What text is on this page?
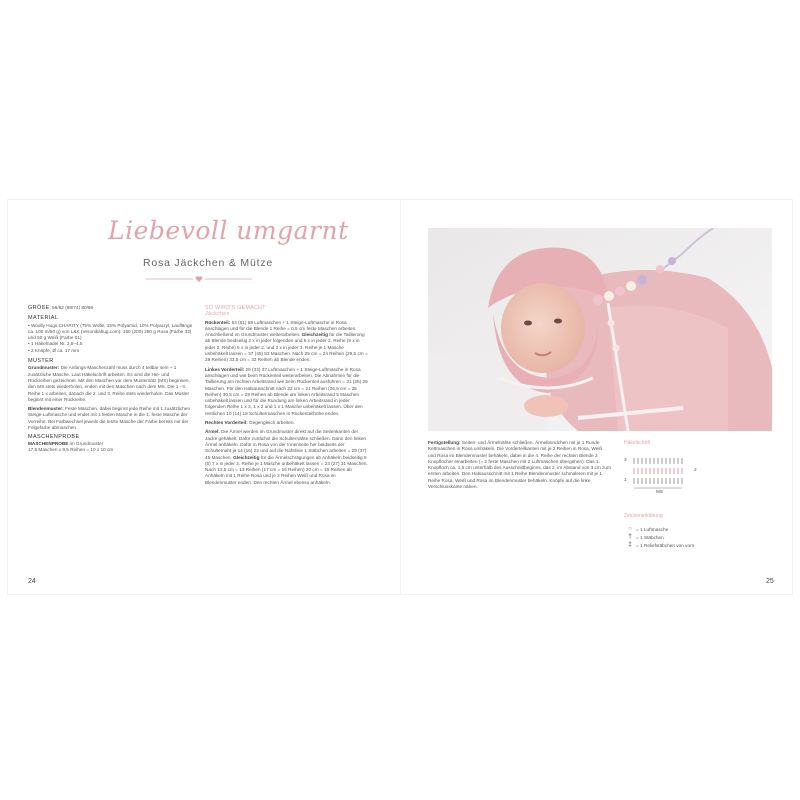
Liebevoll umgarnt
Rosa Jäckchen & Mütze

GRÖßE: 56/62 (68/74) 80/86

MATERIAL
• Woolly Hugs CHARITY (75% Wolle, 15% Polyamid, 10% Polyacryl, Lauflänge ca. 100 m/50 g) von L&K (Veronikahug.com): 150 (200) 250 g Rosa (Farbe 33) und 50 g Weiß (Farbe 01)
• 1 Häkelnadel Nr. 3,5–4,5
• 2 Knöpfe, Ø ca. 17 mm
MUSTER

Grundmuster: Die Anfangs-Maschenzahl muss durch 4 teilbar sein + 1 zusätzliche Masche. Laut Häkelschrift arbeiten. Es sind die Hin- und Rückreihen gezeichnet. Mit den Maschen vor dem Mustersatz (MS) beginnen, den MS stets wiederholen, enden mit den Maschen nach dem MS. Die 1.–3. Reihe 1 x arbeiten, danach die 2. und 3. Reihe stets wiederholen. Das Muster beginnt mit einer Rückreihe.

Blendenmuster: Feste Maschen, dabei beginnt jede Reihe mit 1 zusätzlichen Steige-Luftmasche und endet mit 1 festen Masche in die 1. feste Masche der Vorreihe. Bei Farbwechsel jeweils die letzte Masche der Farbe bereits mit der Folgefarbe abmaschen.

MASCHENPROBE
MASCHENPROBE im Grundmuster
17,5 Maschen x 9,5 Reihen = 10 x 10 cm
SO WIRD'S GEMACHT
Jäckchen

Rückenteil: 53 (61) 69 Luftmaschen + 1 Steige-Luftmasche in Rosa anschlagen und für die Blende 1 Reihe = 0,5 cm feste Maschen arbeiten. Anschließend im Grundmuster weiterarbeiten. Gleichzeitig für die Taillierung ab Blende beidseitig 2 x in jeder folgenden und 6 x in jeder 2. Reihe (9 x in jeder 2. Reihe) 6 x in jeder 2. und 2 x in jeder 3. Reihe je 1 Masche unbehäkelt lassen = 37 (45) 53 Maschen. Nach 25 cm = 24 Reihen (29,5 cm = 28 Reihen) 33,5 cm = 32 Reihen ab Blende enden.

Linkes Vorderteil: 29 (33) 37 Luftmaschen + 1 Steige-Luftmasche in Rosa anschlagen und wie beim Rückenteil weiterarbeiten. Die Abnahmen für die Taillierung am rechten Arbeitsrand wie beim Rückenteil ausführen = 21 (25) 29 Maschen. Für den Halsausschnitt nach 22 cm = 21 Reihen (26,5 cm = 25 Reihen) 30,5 cm = 29 Reihen ab Blende am linken Arbeitsrand 5 Maschen unbehäkelt lassen und für die Rundung am linken Arbeitsrand in jeder folgenden Reihe 1 x 3, 1 x 2 und 1 x 1 Masche unbehäkelt lassen. Über den restlichen 10 (14) 18 Schultermaschen in Rückenteilhöhe enden.

Rechtes Vorderteil: Gegengleich arbeiten.

Ärmel: Die Ärmel werden im Grundmuster direkt auf die Seitenkanten der Jacke gehäkelt. Dafür zunächst die Schulternähte schließen. Dann den linken Ärmel anhäkeln. Dafür in Rosa von der Innenseite her beidseits der Schulternaht je 14 (16) 22 und auf die Nahtlinie 1 Stäbchen arbeiten = 29 (37) 45 Maschen. Gleichzeitig für die Ärmelschrägungen ab Anhäkeln beidseitig 5 (5) 7 x in jeder 2. Reihe je 1 Masche unbehäkelt lassen = 23 (27) 31 Maschen. Nach 13,5 cm = 13 Reihen (17 cm = 16 Reihen) 20 cm = 19 Reihen ab Anhäkeln mit 1 Reihe Rosa und je 2 Reihen Weiß und Rosa im Blendenmuster enden. Den rechten Ärmel ebenso anhäkeln.

24

Fertigstellung: Seiten- und Ärmelnähte schließen. Ärmelbündchen mit je 1 Runde Kettmaschen in Rosa umhäkeln. Die Vorderteilkanten mit je 2 Reihen in Rosa, Weiß und Rosa im Blendenmuster behäkeln, dabei in die 4. Reihe der rechten Blende 2 Knopflöcher einarbeiten (= 2 feste Maschen mit 2 Luftmaschen übergehen). Das 1. Knopfloch ca. 1,5 cm unterhalb des Ausschnittbeginns, das 2. im Abstand von 3 cm zum ersten arbeiten. Den Halsausschnitt mit 1 Reihe Blendenmuster schmaleren mit je 1 Reihe Rosa, Weiß und Rosa im Blendenmuster behäkeln. Knöpfe auf die linke Verschlusskante nähen.

Häkelschrift
3
2
1
MS
Zeichenerklärung
○ = 1 Luftmasche
† = 1 Stäbchen
‡ = 1 Reliefstäbchen von vorn
25
